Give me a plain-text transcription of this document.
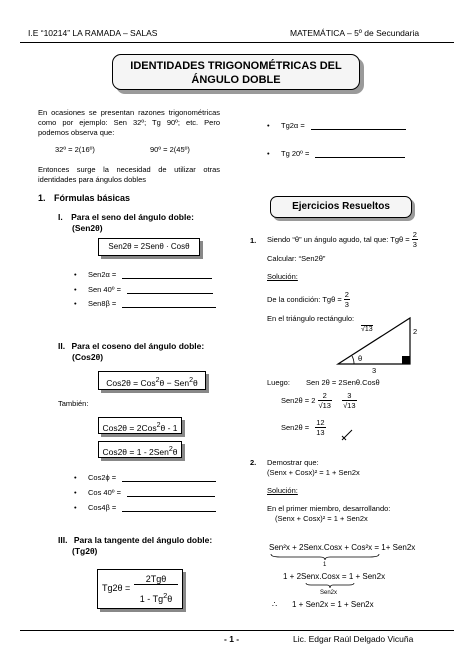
I.E “10214” LA RAMADA – SALAS	MATEMÁTICA – 5º de Secundaria
IDENTIDADES TRIGONOMÉTRICAS DEL
ÁNGULO DOBLE
En ocasiones se presentan razones trigonométricas como por ejemplo: Sen 32º; Tg 90º; etc. Pero podemos observa que:
32º = 2(16º)	90º = 2(45º)
Entonces surge la necesidad de utilizar otras identidades para ángulos dobles
1. Fórmulas básicas
I. Para el seno del ángulo doble:
(Sen2θ)
Sen2θ = 2Senθ · Cosθ
• Sen2α =
• Sen 40º =
• Sen8β =
II. Para el coseno del ángulo doble:
(Cos2θ)
Cos2θ = Cos$^2$θ − Sen$^2$θ
También:
Cos2θ = 2Cos$^2$θ - 1
Cos2θ = 1 - 2Sen$^2$θ
• Cos2ϕ =
• Cos 40º =
• Cos4β =
III. Para la tangente del ángulo doble:
(Tg2θ)
Tg2θ =
2Tgθ
1 - Tg$^2$θ
• Tg2α =
• Tg 20º =
Ejercicios Resueltos
1. Siendo “θ” un ángulo agudo, tal que: $Tg\theta = \frac{2}{3}$
Calcular: “Sen2θ”
Solución:
De la condición: $Tg\theta = \frac{2}{3}$
En el triángulo rectángulo:
√13	2
3
θ
Luego: Sen 2θ = 2Senθ.Cosθ
$Sen2\theta = 2 \frac{2}{√13}$
$\frac{3}{√13}$
$Sen2\theta = \frac{12}{13}$
2. Demostrar que:
(Senx + Cosx)² = 1 + Sen2x
Solución:
En el primer miembro, desarrollando:
(Senx + Cosx)² = 1 + Sen2x
Sen²x + 2Senx.Cosx + Cos²x = 1+ Sen2x
1
1 + 2Senx.Cosx = 1 + Sen2x
Sen2x
∴ 1 + Sen2x = 1 + Sen2x
- 1 -	Lic. Edgar Raúl Delgado Vicuña
